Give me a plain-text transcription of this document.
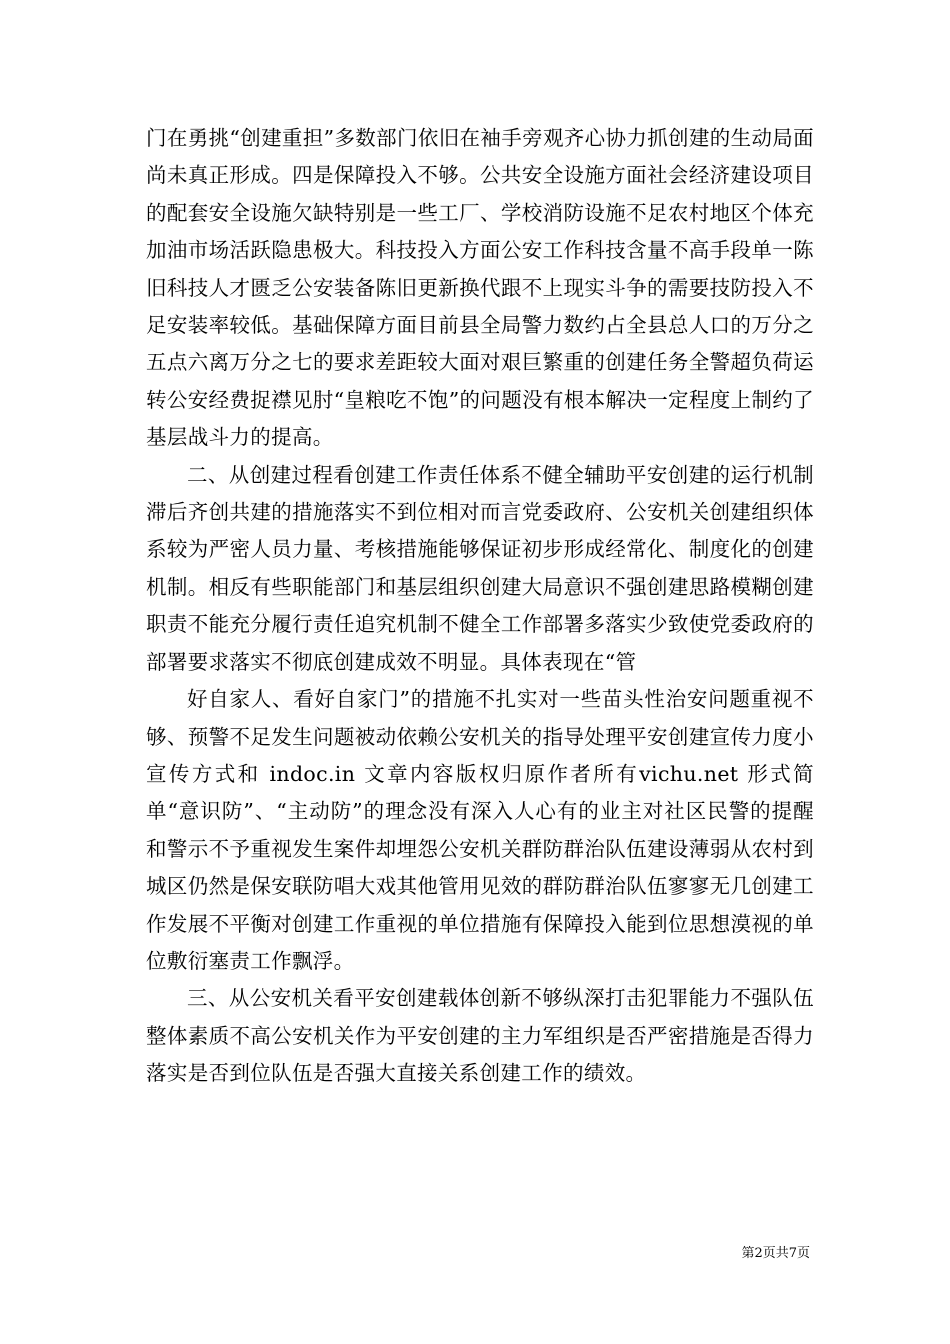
门在勇挑“创建重担”多数部门依旧在袖手旁观齐心协力抓创建的生动局面尚未真正形成。四是保障投入不够。公共安全设施方面社会经济建设项目的配套安全设施欠缺特别是一些工厂、学校消防设施不足农村地区个体充加油市场活跃隐患极大。科技投入方面公安工作科技含量不高手段单一陈旧科技人才匮乏公安装备陈旧更新换代跟不上现实斗争的需要技防投入不足安装率较低。基础保障方面目前县全局警力数约占全县总人口的万分之五点六离万分之七的要求差距较大面对艰巨繁重的创建任务全警超负荷运转公安经费捉襟见肘“皇粮吃不饱”的问题没有根本解决一定程度上制约了基层战斗力的提高。

二、从创建过程看创建工作责任体系不健全辅助平安创建的运行机制滞后齐创共建的措施落实不到位相对而言党委政府、公安机关创建组织体系较为严密人员力量、考核措施能够保证初步形成经常化、制度化的创建机制。相反有些职能部门和基层组织创建大局意识不强创建思路模糊创建职责不能充分履行责任追究机制不健全工作部署多落实少致使党委政府的部署要求落实不彻底创建成效不明显。具体表现在“管

好自家人、看好自家门”的措施不扎实对一些苗头性治安问题重视不够、预警不足发生问题被动依赖公安机关的指导处理平安创建宣传力度小宣传方式和 indoc.in 文章内容版权归原作者所有vichu.net 形式简单“意识防”、“主动防”的理念没有深入人心有的业主对社区民警的提醒和警示不予重视发生案件却埋怨公安机关群防群治队伍建设薄弱从农村到城区仍然是保安联防唱大戏其他管用见效的群防群治队伍寥寥无几创建工作发展不平衡对创建工作重视的单位措施有保障投入能到位思想漠视的单位敷衍塞责工作飘浮。

三、从公安机关看平安创建载体创新不够纵深打击犯罪能力不强队伍整体素质不高公安机关作为平安创建的主力军组织是否严密措施是否得力落实是否到位队伍是否强大直接关系创建工作的绩效。

第2页共7页
